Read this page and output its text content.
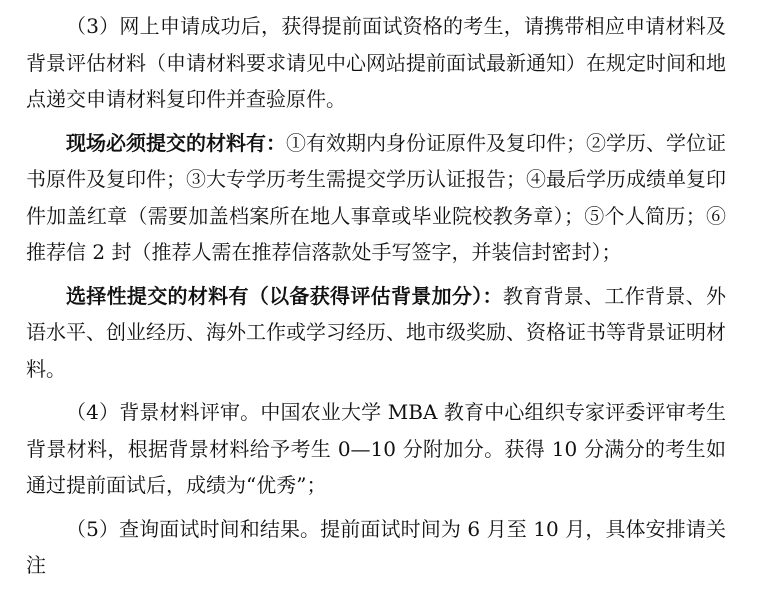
（3）网上申请成功后，获得提前面试资格的考生，请携带相应申请材料及背景评估材料（申请材料要求请见中心网站提前面试最新通知）在规定时间和地点递交申请材料复印件并查验原件。

现场必须提交的材料有：①有效期内身份证原件及复印件；②学历、学位证书原件及复印件；③大专学历考生需提交学历认证报告；④最后学历成绩单复印件加盖红章（需要加盖档案所在地人事章或毕业院校教务章）；⑤个人简历；⑥推荐信 2 封（推荐人需在推荐信落款处手写签字，并装信封密封）；

选择性提交的材料有（以备获得评估背景加分）：教育背景、工作背景、外语水平、创业经历、海外工作或学习经历、地市级奖励、资格证书等背景证明材料。

（4）背景材料评审。中国农业大学 MBA 教育中心组织专家评委评审考生背景材料，根据背景材料给予考生 0—10 分附加分。获得 10 分满分的考生如通过提前面试后，成绩为“优秀”；

（5）查询面试时间和结果。提前面试时间为 6 月至 10 月，具体安排请关注
